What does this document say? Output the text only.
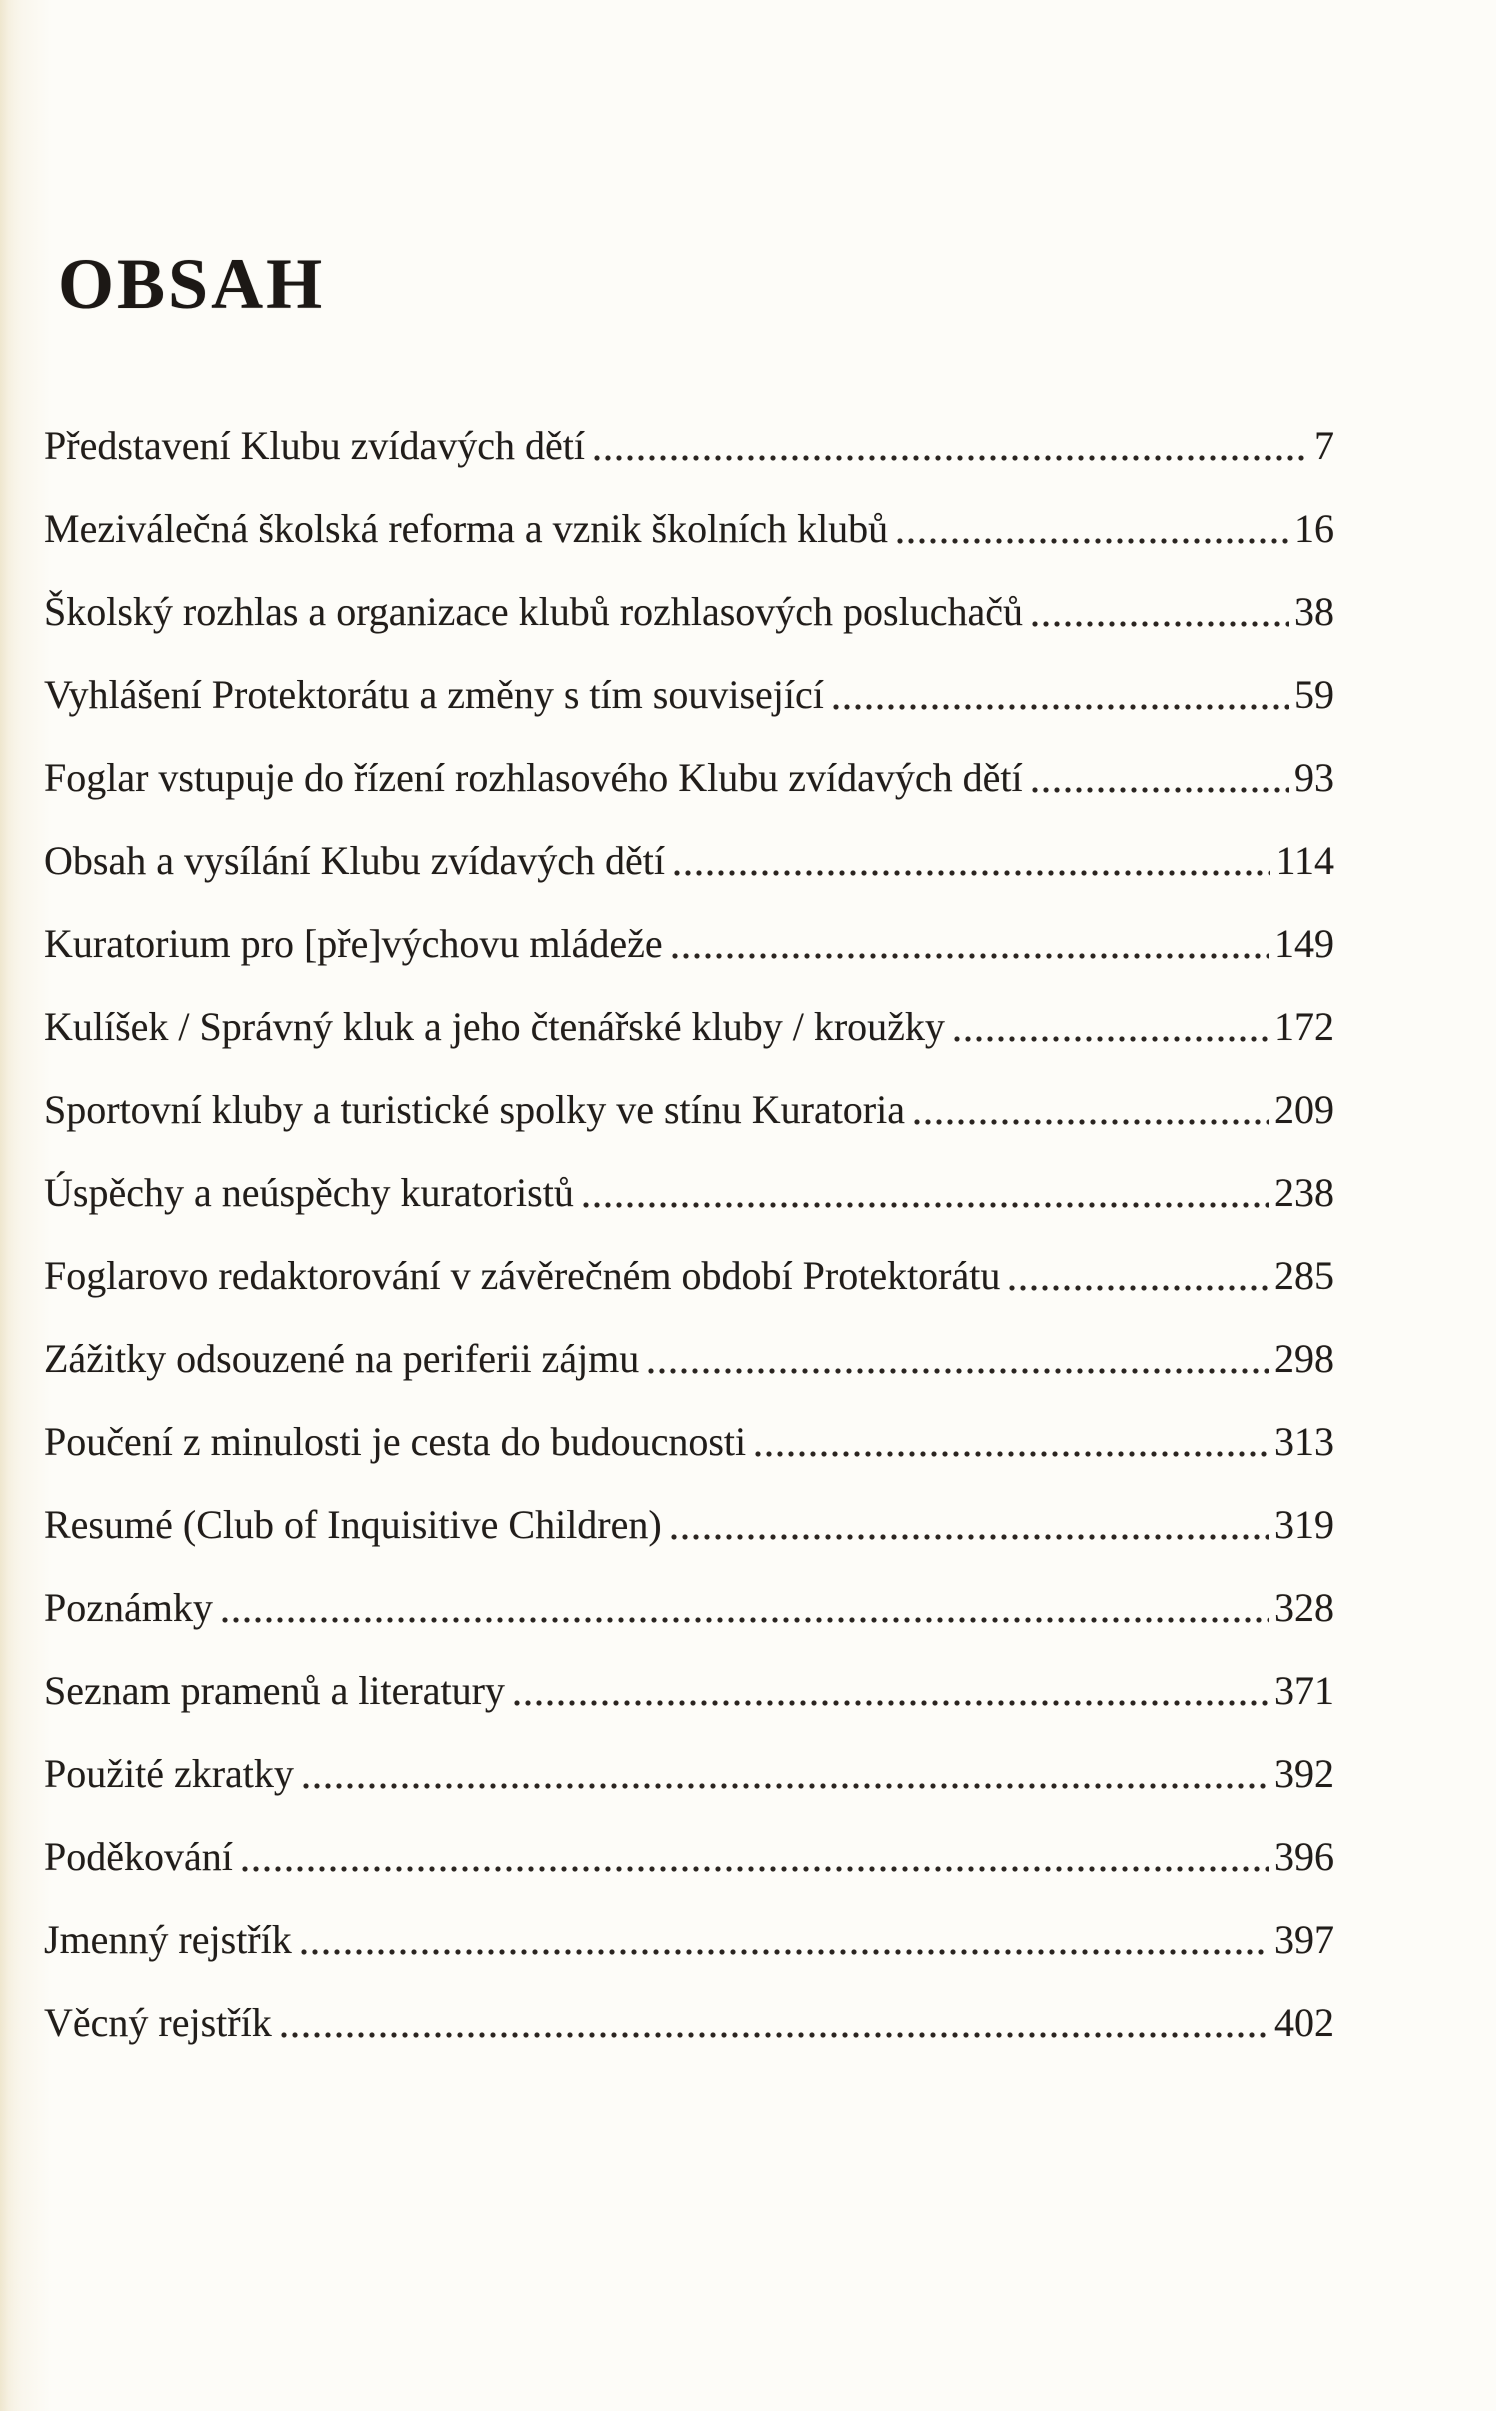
OBSAH
Představení Klubu zvídavých dětí	7
Meziválečná školská reforma a vznik školních klubů	16
Školský rozhlas a organizace klubů rozhlasových posluchačů	38
Vyhlášení Protektorátu a změny s tím související	59
Foglar vstupuje do řízení rozhlasového Klubu zvídavých dětí	93
Obsah a vysílání Klubu zvídavých dětí	114
Kuratorium pro [pře]výchovu mládeže	149
Kulíšek / Správný kluk a jeho čtenářské kluby / kroužky	172
Sportovní kluby a turistické spolky ve stínu Kuratoria	209
Úspěchy a neúspěchy kuratoristů	238
Foglarovo redaktorování v závěrečném období Protektorátu	285
Zážitky odsouzené na periferii zájmu	298
Poučení z minulosti je cesta do budoucnosti	313
Resumé (Club of Inquisitive Children)	319
Poznámky	328
Seznam pramenů a literatury	371
Použité zkratky	392
Poděkování	396
Jmenný rejstřík	397
Věcný rejstřík	402
